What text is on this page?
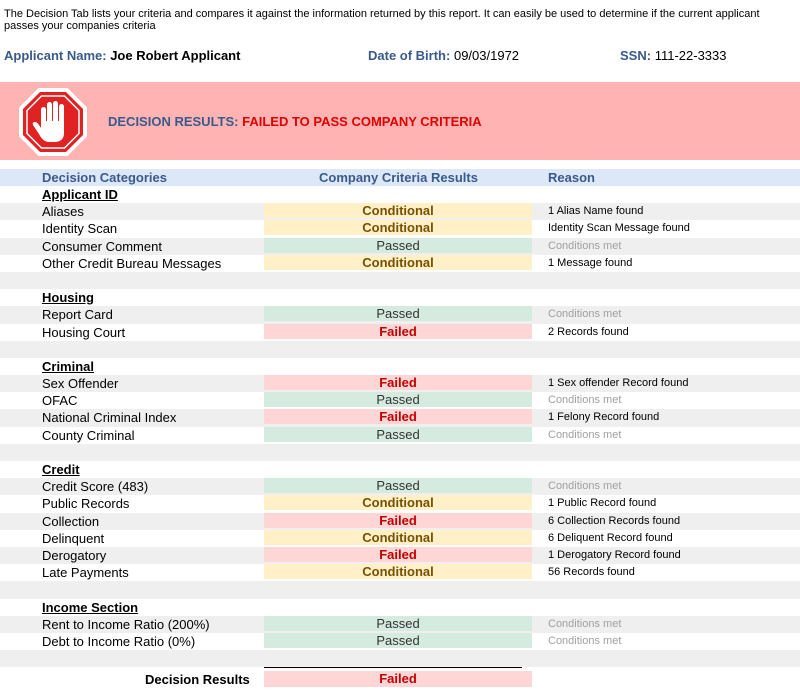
The Decision Tab lists your criteria and compares it against the information returned by this report. It can easily be used to determine if the current applicant passes your companies criteria
Applicant Name: Joe Robert Applicant	Date of Birth: 09/03/1972	SSN: 111-22-3333
DECISION RESULTS: FAILED TO PASS COMPANY CRITERIA
Decision Categories	Company Criteria Results	Reason
Applicant ID
Aliases	Conditional	1 Alias Name found
Identity Scan	Conditional	Identity Scan Message found
Consumer Comment	Passed	Conditions met
Other Credit Bureau Messages	Conditional	1 Message found
Housing
Report Card	Passed	Conditions met
Housing Court	Failed	2 Records found
Criminal
Sex Offender	Failed	1 Sex offender Record found
OFAC	Passed	Conditions met
National Criminal Index	Failed	1 Felony Record found
County Criminal	Passed	Conditions met
Credit
Credit Score (483)	Passed	Conditions met
Public Records	Conditional	1 Public Record found
Collection	Failed	6 Collection Records found
Delinquent	Conditional	6 Deliquent Record found
Derogatory	Failed	1 Derogatory Record found
Late Payments	Conditional	56 Records found
Income Section
Rent to Income Ratio (200%)	Passed	Conditions met
Debt to Income Ratio (0%)	Passed	Conditions met
Decision Results	Failed
